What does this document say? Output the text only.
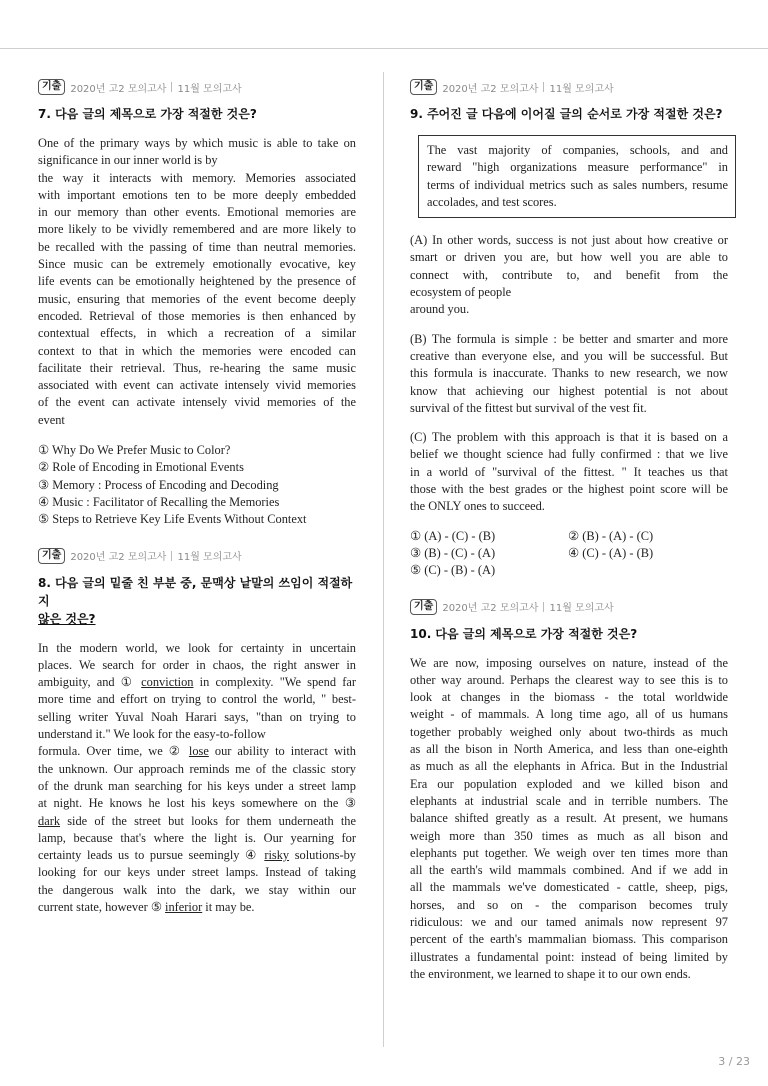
기출 2020년 고2 모의고사 11월 모의고사
7. 다음 글의 제목으로 가장 적절한 것은?
One of the primary ways by which music is able to take on
significance in our inner world is by
the way it interacts with memory. Memories associated
with important emotions ten to be more deeply embedded
in our memory than other events. Emotional memories are
more likely to be vividly remembered and are more likely to
be recalled with the passing of time than neutral memories.
Since music can be extremely emotionally evocative, key
life events can be emotionally heightened by the presence of
music, ensuring that memories of the event become deeply
encoded. Retrieval of those memories is then enhanced by
contextual effects, in which a recreation of a similar
context to that in which the memories were encoded can
facilitate their retrieval. Thus, re-hearing the same music
associated with event can activate intensely vivid memories
of the event can activate intensely vivid memories of the
event
① Why Do We Prefer Music to Color?
② Role of Encoding in Emotional Events
③ Memory : Process of Encoding and Decoding
④ Music : Facilitator of Recalling the Memories
⑤ Steps to Retrieve Key Life Events Without Context
기출 2020년 고2 모의고사 11월 모의고사
8. 다음 글의 밑줄 친 부분 중, 문맥상 낱말의 쓰임이 적절하지
않은 것은?
In the modern world, we look for certainty in uncertain
places. We search for order in chaos, the right answer in
ambiguity, and ① conviction in complexity. "We spend far
more time and effort on trying to control the world, " best-
selling writer Yuval Noah Harari says, "than on trying to
understand it." We look for the easy-to-follow
formula. Over time, we ② lose our ability to interact with
the unknown. Our approach reminds me of the classic story
of the drunk man searching for his keys under a street lamp
at night. He knows he lost his keys somewhere on the ③
dark side of the street but looks for them underneath the
lamp, because that's where the light is. Our yearning for
certainty leads us to pursue seemingly ④ risky solutions-by
looking for our keys under street lamps. Instead of taking
the dangerous walk into the dark, we stay within our
current state, however ⑤ inferior it may be.
기출 2020년 고2 모의고사 11월 모의고사
9. 주어진 글 다음에 이어질 글의 순서로 가장 적절한 것은?
The vast majority of companies, schools, and and
reward "high organizations measure performance" in
terms of individual metrics such as sales numbers, resume
accolades, and test scores.
(A) In other words, success is not just about how creative or
smart or driven you are, but how well you are able to
connect with, contribute to, and benefit from the
ecosystem of people
around you.
(B) The formula is simple : be better and smarter and more
creative than everyone else, and you will be successful. But
this formula is inaccurate. Thanks to new research, we now
know that achieving our highest potential is not about
survival of the fittest but survival of the vest fit.
(C) The problem with this approach is that it is based on a
belief we thought science had fully confirmed : that we live
in a world of "survival of the fittest. " It teaches us that
those with the best grades or the highest point score will be
the ONLY ones to succeed.
① (A) - (C) - (B)	② (B) - (A) - (C)
③ (B) - (C) - (A)	④ (C) - (A) - (B)
⑤ (C) - (B) - (A)
기출 2020년 고2 모의고사 11월 모의고사
10. 다음 글의 제목으로 가장 적절한 것은?
We are now, imposing ourselves on nature, instead of the
other way around. Perhaps the clearest way to see this is to
look at changes in the biomass - the total worldwide
weight - of mammals. A long time ago, all of us humans
together probably weighed only about two-thirds as much
as all the bison in North America, and less than one-eighth
as much as all the elephants in Africa. But in the Industrial
Era our population exploded and we killed bison and
elephants at industrial scale and in terrible numbers. The
balance shifted greatly as a result. At present, we humans
weigh more than 350 times as much as all bison and
elephants put together. We weigh over ten times more than
all the earth's wild mammals combined. And if we add in
all the mammals we've domesticated - cattle, sheep, pigs,
horses, and so on - the comparison becomes truly
ridiculous: we and our tamed animals now represent 97
percent of the earth's mammalian biomass. This comparison
illustrates a fundamental point: instead of being limited by
the environment, we learned to shape it to our own ends.
3 / 23
